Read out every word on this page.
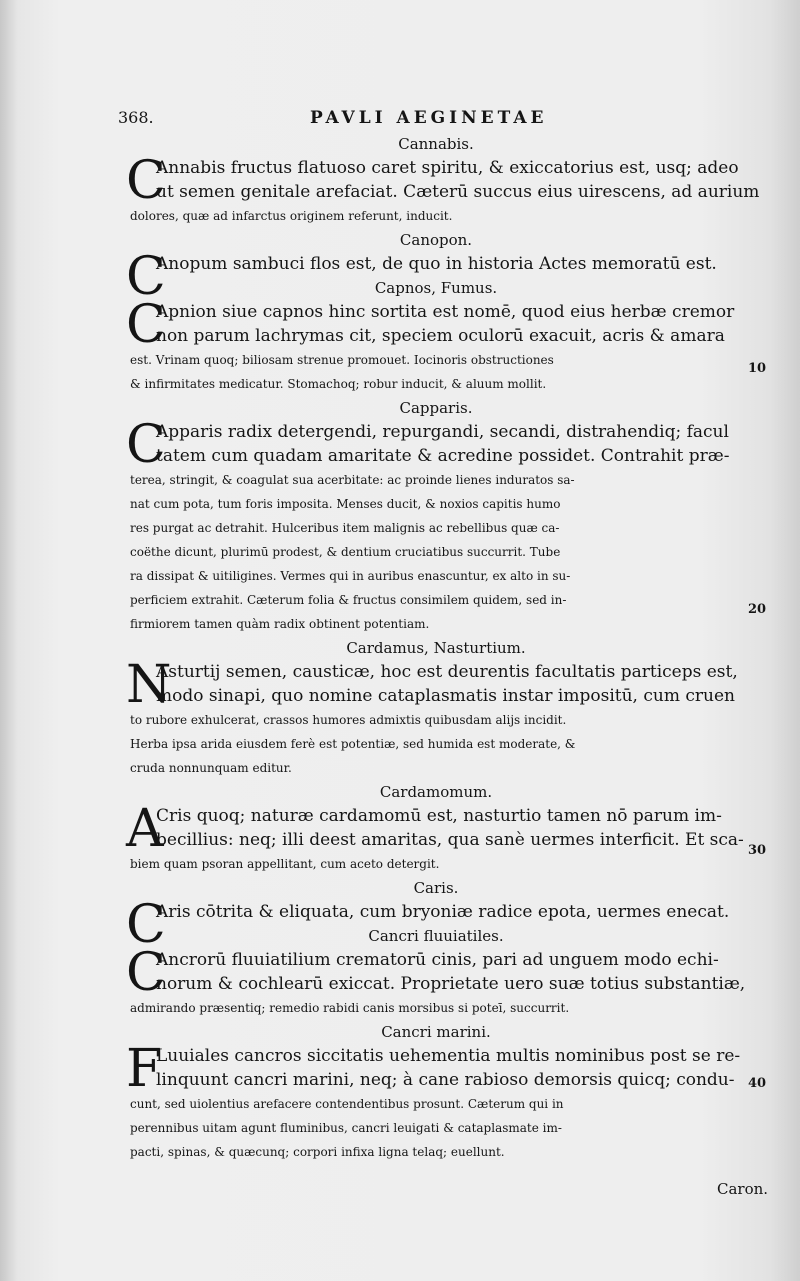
368.	PAVLI AEGINETAE
Cannabis.
C
Annabis fructus flatuoso caret spiritu, & exiccatorius est, usq; adeo
ut semen genitale arefaciat. Cæterū succus eius uirescens, ad aurium
dolores, quæ ad infarctus originem referunt, inducit.
Canopon.
C
Anopum sambuci flos est, de quo in historia Actes memoratū est.
Capnos, Fumus.
C
Apnion siue capnos hinc sortita est nomē, quod eius herbæ cremor
non parum lachrymas cit, speciem oculorū exacuit, acris & amara
est. Vrinam quoq; biliosam strenue promouet. Iocinoris obstructiones
& infirmitates medicatur. Stomachoq; robur inducit, & aluum mollit.
Capparis.
C
Apparis radix detergendi, repurgandi, secandi, distrahendiq; facul
tatem cum quadam amaritate & acredine possidet. Contrahit præ-
terea, stringit, & coagulat sua acerbitate: ac proinde lienes induratos sa-
nat cum pota, tum foris imposita. Menses ducit, & noxios capitis humo
res purgat ac detrahit. Hulceribus item malignis ac rebellibus quæ ca-
coëthe dicunt, plurimū prodest, & dentium cruciatibus succurrit. Tube
ra dissipat & uitiligines. Vermes qui in auribus enascuntur, ex alto in su-
perficiem extrahit. Cæterum folia & fructus consimilem quidem, sed in-
firmiorem tamen quàm radix obtinent potentiam.
Cardamus, Nasturtium.
N
Asturtij semen, causticæ, hoc est deurentis facultatis particeps est,
modo sinapi, quo nomine cataplasmatis instar impositū, cum cruen
to rubore exhulcerat, crassos humores admixtis quibusdam alijs incidit.
Herba ipsa arida eiusdem ferè est potentiæ, sed humida est moderate, &
cruda nonnunquam editur.
Cardamomum.
A
Cris quoq; naturæ cardamomū est, nasturtio tamen nō parum im-
becillius: neq; illi deest amaritas, qua sanè uermes interficit. Et sca-
biem quam psoran appellitant, cum aceto detergit.
Caris.
C
Aris cōtrita & eliquata, cum bryoniæ radice epota, uermes enecat.
Cancri fluuiatiles.
C
Ancrorū fluuiatilium crematorū cinis, pari ad unguem modo echi-
norum & cochlearū exiccat. Proprietate uero suæ totius substantiæ,
admirando præsentiq; remedio rabidi canis morsibus si poteī, succurrit.
Cancri marini.
F
Luuiales cancros siccitatis uehementia multis nominibus post se re-
linquunt cancri marini, neq; à cane rabioso demorsis quicq; condu-
cunt, sed uiolentius arefacere contendentibus prosunt. Cæterum qui in
perennibus uitam agunt fluminibus, cancri leuigati & cataplasmate im-
pacti, spinas, & quæcunq; corpori infixa ligna telaq; euellunt.
10
20
30
40
Caron.
